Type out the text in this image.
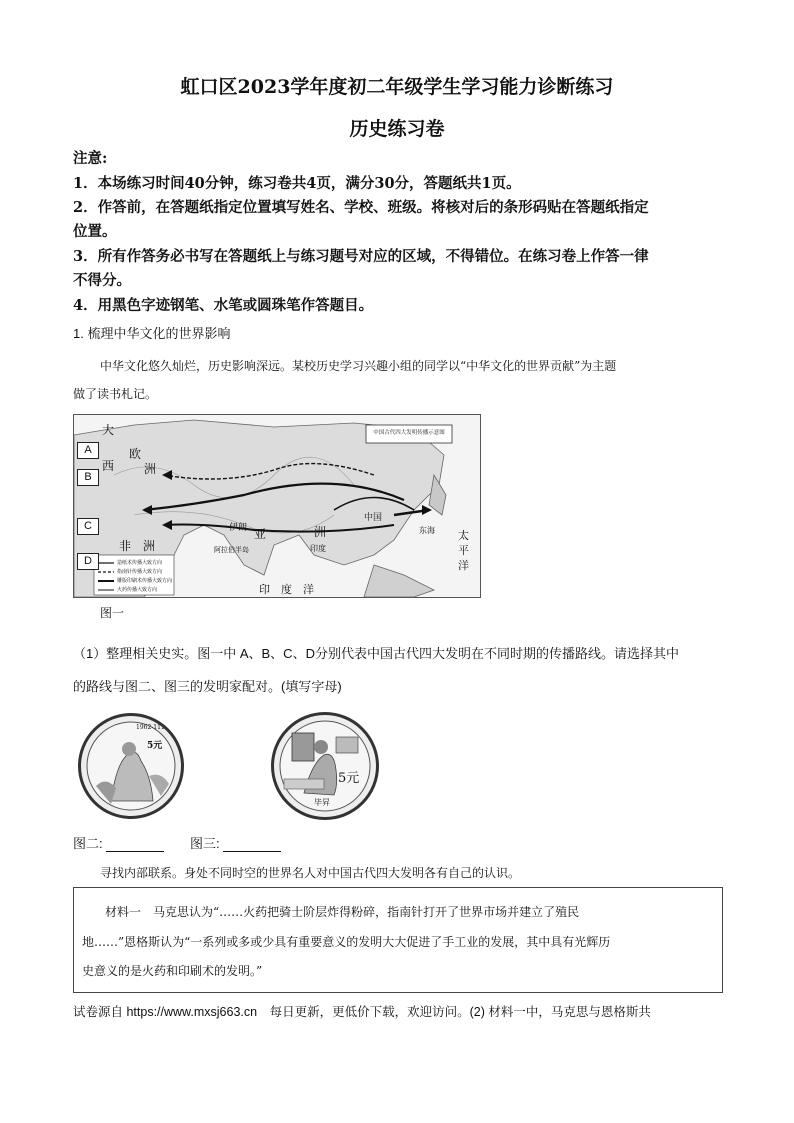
虹口区2023学年度初二年级学生学习能力诊断练习
历史练习卷
注意:
1．本场练习时间40分钟，练习卷共4页，满分30分，答题纸共1页。
2．作答前，在答题纸指定位置填写姓名、学校、班级。将核对后的条形码贴在答题纸指定
位置。
3．所有作答务必书写在答题纸上与练习题号对应的区域，不得错位。在练习卷上作答一律
不得分。
4．用黑色字迹钢笔、水笔或圆珠笔作答题目。
1. 梳理中华文化的世界影响
中华文化悠久灿烂，历史影响深远。某校历史学习兴趣小组的同学以“中华文化的世界贡献”为主题
做了读书札记。
中国古代四大发明传播示意图
造纸术传播大致方向
指南针传播大致方向
雕版印刷术传播大致方向
火药传播大致方向
大
西
欧
洲
非　洲
亚	洲
伊朗
印度
中国
东海 太
平
洋
印　度　洋
阿拉伯半岛
A
B
C
D
图一
（1）整理相关史实。图一中 A、B、C、D分别代表中国古代四大发明在不同时期的传播路线。请选择其中
的路线与图二、图三的发明家配对。(填写字母)
5元
1962-1115
5元
毕昇
图二:	图三:
寻找内部联系。身处不同时空的世界名人对中国古代四大发明各有自己的认识。
材料一　马克思认为“……火药把骑士阶层炸得粉碎，指南针打开了世界市场并建立了殖民
地……”恩格斯认为“一系列或多或少具有重要意义的发明大大促进了手工业的发展，其中具有光辉历
史意义的是火药和印刷术的发明。”
试卷源自 https://www.mxsj663.cn　每日更新，更低价下载，欢迎访问。(2) 材料一中，马克思与恩格斯共
